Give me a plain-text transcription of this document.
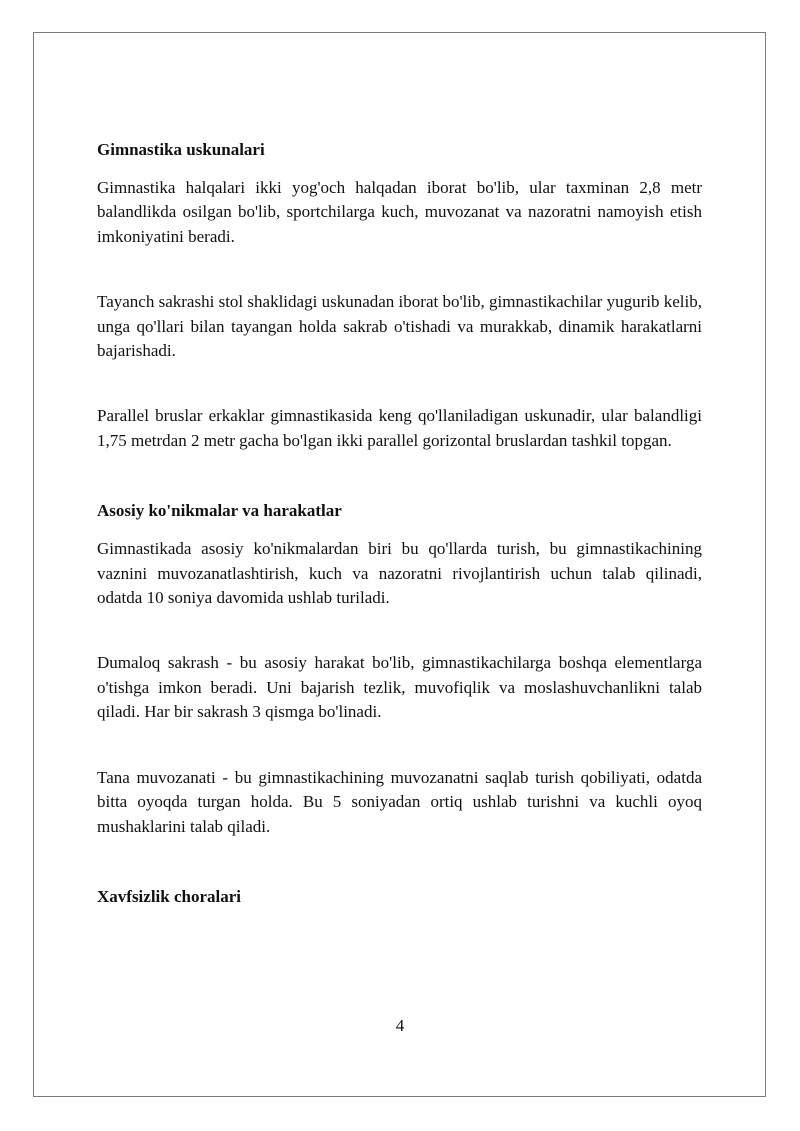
Gimnastika uskunalari

Gimnastika halqalari ikki yog'och halqadan iborat bo'lib, ular taxminan 2,8 metr balandlikda osilgan bo'lib, sportchilarga kuch, muvozanat va nazoratni namoyish etish imkoniyatini beradi.

Tayanch sakrashi stol shaklidagi uskunadan iborat bo'lib, gimnastikachilar yugurib kelib, unga qo'llari bilan tayangan holda sakrab o'tishadi va murakkab, dinamik harakatlarni bajarishadi.

Parallel bruslar erkaklar gimnastikasida keng qo'llaniladigan uskunadir, ular balandligi 1,75 metrdan 2 metr gacha bo'lgan ikki parallel gorizontal bruslardan tashkil topgan.

Asosiy ko'nikmalar va harakatlar

Gimnastikada asosiy ko'nikmalardan biri bu qo'llarda turish, bu gimnastikachining vaznini muvozanatlashtirish, kuch va nazoratni rivojlantirish uchun talab qilinadi, odatda 10 soniya davomida ushlab turiladi.

Dumaloq sakrash - bu asosiy harakat bo'lib, gimnastikachilarga boshqa elementlarga o'tishga imkon beradi. Uni bajarish tezlik, muvofiqlik va moslashuvchanlikni talab qiladi. Har bir sakrash 3 qismga bo'linadi.

Tana muvozanati - bu gimnastikachining muvozanatni saqlab turish qobiliyati, odatda bitta oyoqda turgan holda. Bu 5 soniyadan ortiq ushlab turishni va kuchli oyoq mushaklarini talab qiladi.

Xavfsizlik choralari
4
